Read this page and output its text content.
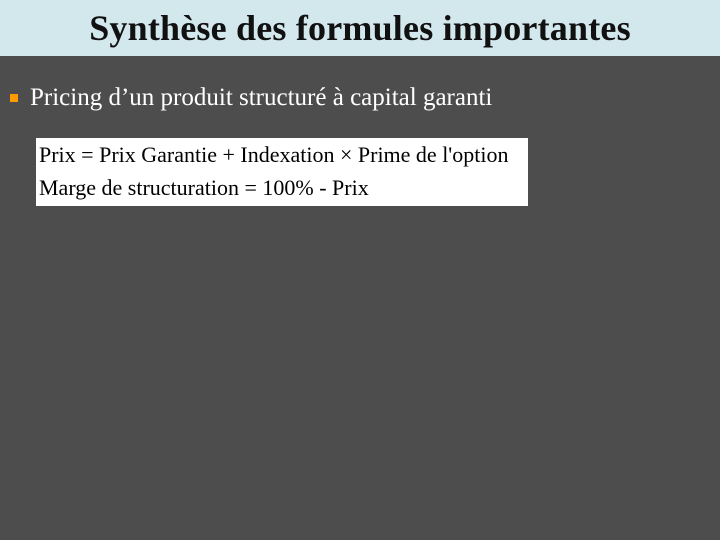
Synthèse des formules importantes
Pricing d’un produit structuré à capital garanti
Prix = Prix Garantie + Indexation × Prime de l'option
Marge de structuration = 100% - Prix
